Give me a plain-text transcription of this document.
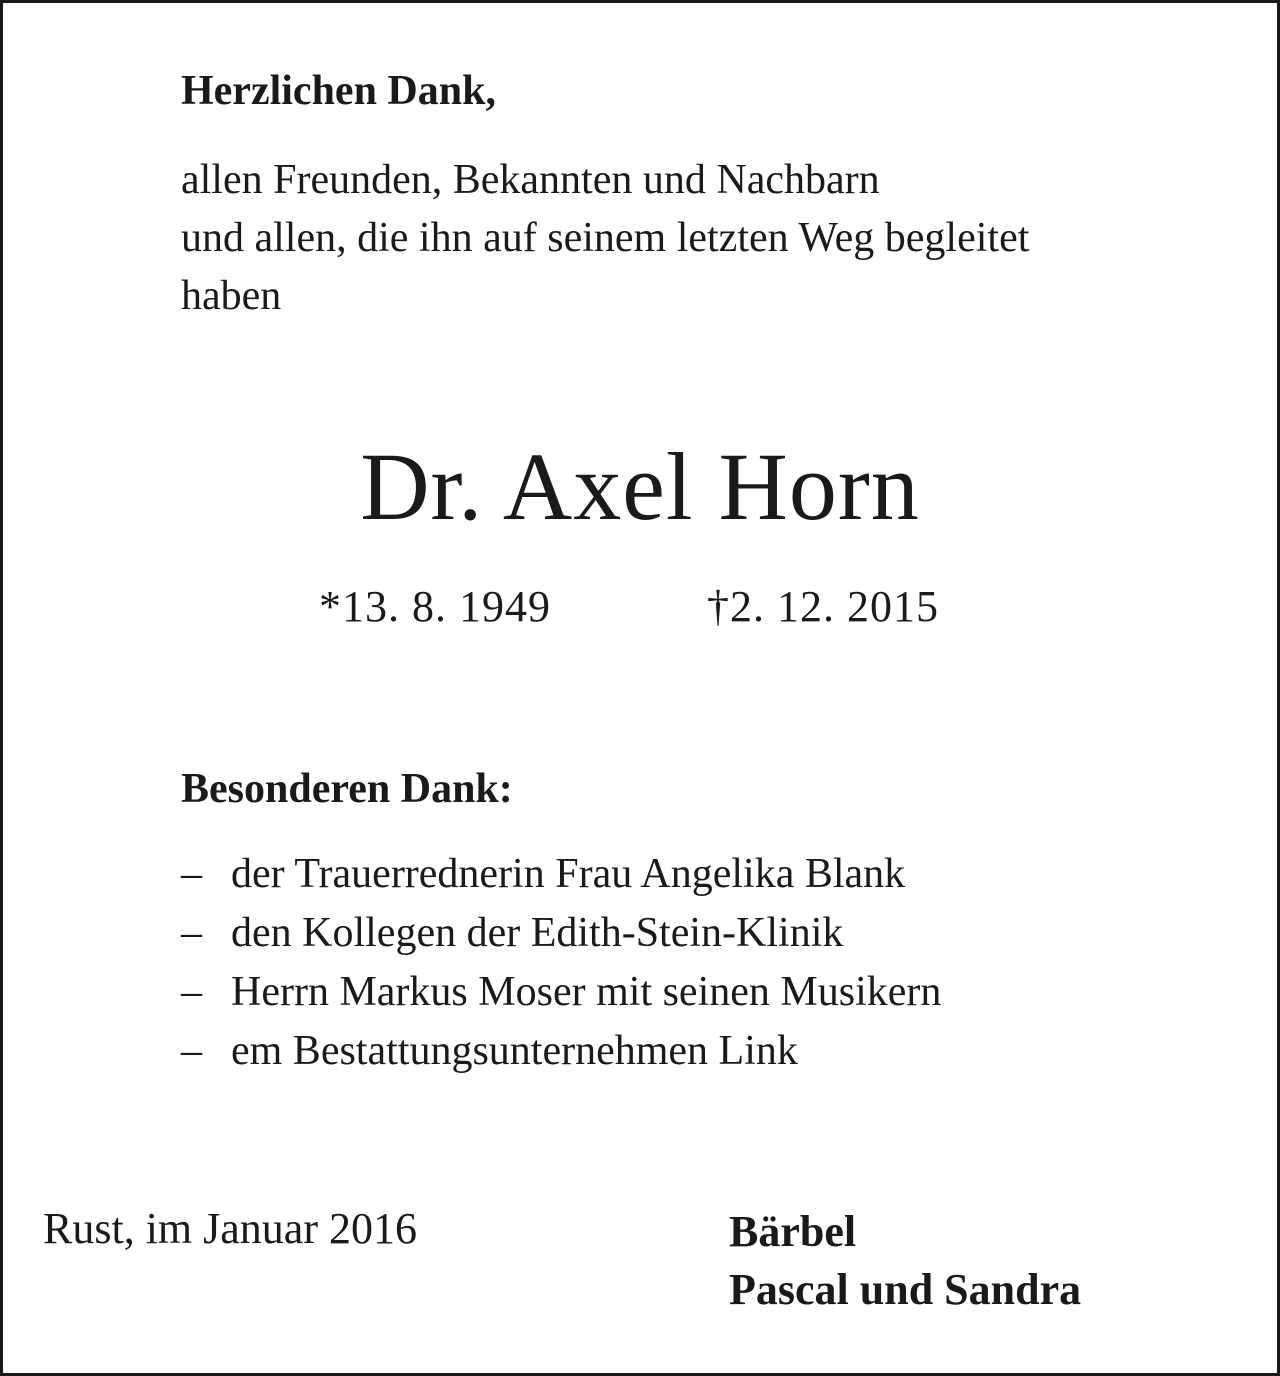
Herzlichen Dank,
allen Freunden, Bekannten und Nachbarn
und allen, die ihn auf seinem letzten Weg begleitet
haben
Dr. Axel Horn
*13. 8. 1949	†2. 12. 2015
Besonderen Dank:
– der Trauerrednerin Frau Angelika Blank
– den Kollegen der Edith-Stein-Klinik
– Herrn Markus Moser mit seinen Musikern
– em Bestattungsunternehmen Link
Rust, im Januar 2016	Bärbel
Pascal und Sandra
